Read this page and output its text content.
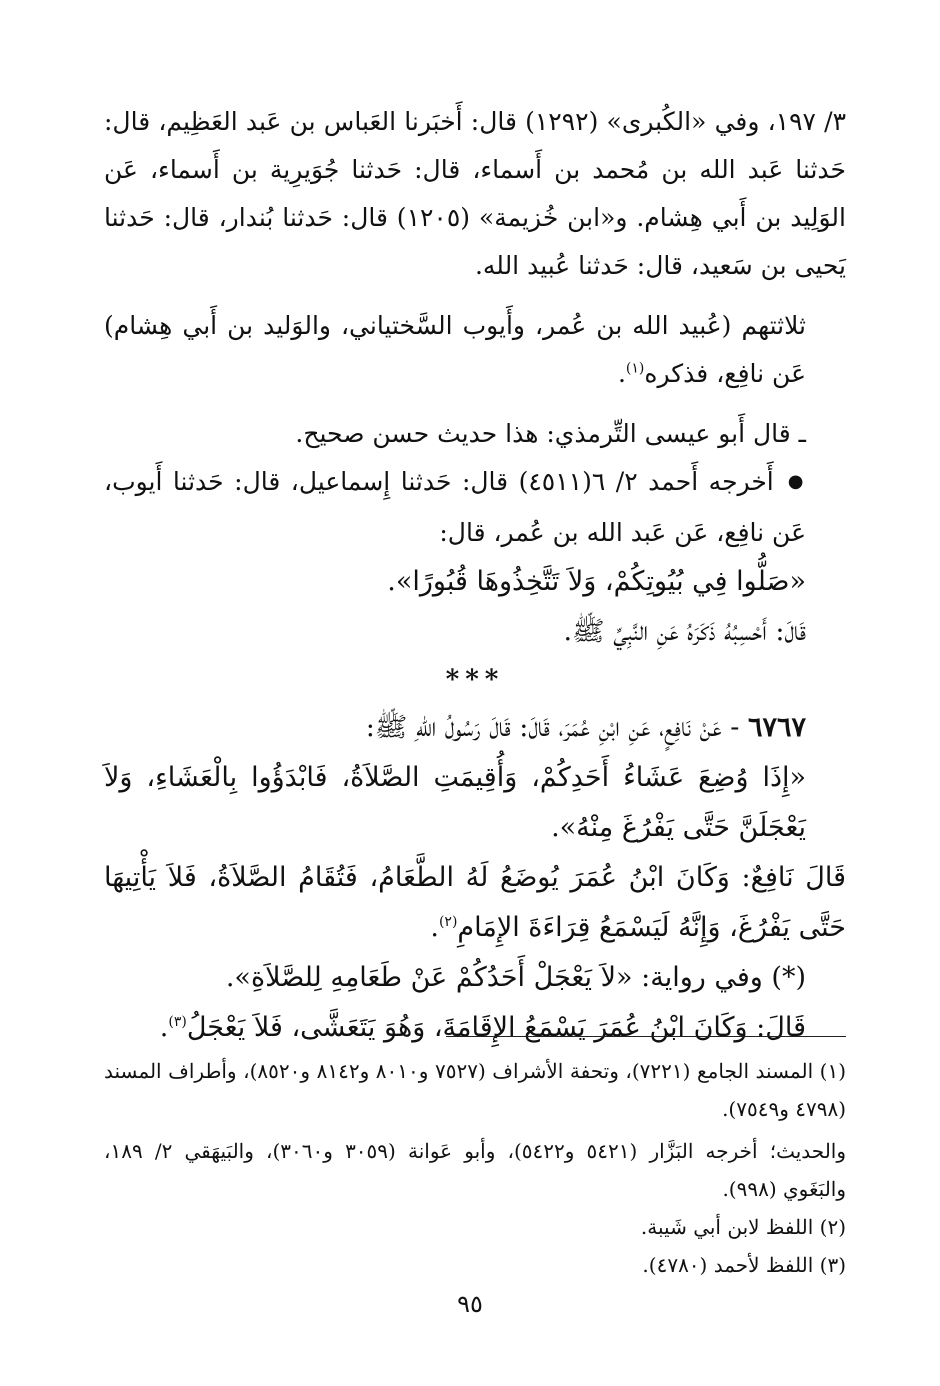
٣/ ١٩٧، وفي «الكُبرى» (١٢٩٢) قال: أَخبَرنا العَباس بن عَبد العَظِيم، قال: حَدثنا عَبد الله بن مُحمد بن أَسماء، قال: حَدثنا جُوَيرِية بن أَسماء، عَن الوَلِيد بن أَبي هِشام. و«ابن خُزيمة» (١٢٠٥) قال: حَدثنا بُندار، قال: حَدثنا يَحيى بن سَعيد، قال: حَدثنا عُبيد الله.

ثلاثتهم (عُبيد الله بن عُمر، وأَيوب السَّختياني، والوَليد بن أَبي هِشام) عَن نافِع، فذكره$^{(١)}$.

ـ قال أَبو عيسى التِّرمذي: هذا حديث حسن صحيح.

● أَخرجه أَحمد ٢/ ٦(٤٥١١) قال: حَدثنا إِسماعيل، قال: حَدثنا أَيوب، عَن نافِع، عَن عَبد الله بن عُمر، قال:

«صَلُّوا فِي بُيُوتِكُمْ، وَلاَ تَتَّخِذُوهَا قُبُورًا».

قَالَ: أَحْسِبُهُ ذَكَرَهُ عَنِ النَّبِيِّ ﷺ.

***

٦٧٦٧ - عَنْ نَافِعٍ، عَنِ ابْنِ عُمَرَ، قَالَ: قَالَ رَسُولُ اللهِ ﷺ:

«إِذَا وُضِعَ عَشَاءُ أَحَدِكُمْ، وَأُقِيمَتِ الصَّلاَةُ، فَابْدَؤُوا بِالْعَشَاءِ، وَلاَ يَعْجَلَنَّ حَتَّى يَفْرُغَ مِنْهُ».

قَالَ نَافِعٌ: وَكَانَ ابْنُ عُمَرَ يُوضَعُ لَهُ الطَّعَامُ، فَتُقَامُ الصَّلاَةُ، فَلاَ يَأْتِيهَا حَتَّى يَفْرُغَ، وَإِنَّهُ لَيَسْمَعُ قِرَاءَةَ الإِمَامِ$^{(٢)}$.

(*) وفي رواية: «لاَ يَعْجَلْ أَحَدُكُمْ عَنْ طَعَامِهِ لِلصَّلاَةِ».

قَالَ: وَكَانَ ابْنُ عُمَرَ يَسْمَعُ الإِقَامَةَ، وَهُوَ يَتَعَشَّى، فَلاَ يَعْجَلُ$^{(٣)}$.

(١) المسند الجامع (٧٢٢١)، وتحفة الأشراف (٧٥٢٧ و٨٠١٠ و٨١٤٢ و٨٥٢٠)، وأطراف المسند (٤٧٩٨ و٧٥٤٩).

والحديث؛ أخرجه البَزَّار (٥٤٢١ و٥٤٢٢)، وأبو عَوانة (٣٠٥٩ و٣٠٦٠)، والبَيهَقي ٢/ ١٨٩، والبَغَوي (٩٩٨).

(٢) اللفظ لابن أبي شَيبة.

(٣) اللفظ لأحمد (٤٧٨٠).

٩٥
